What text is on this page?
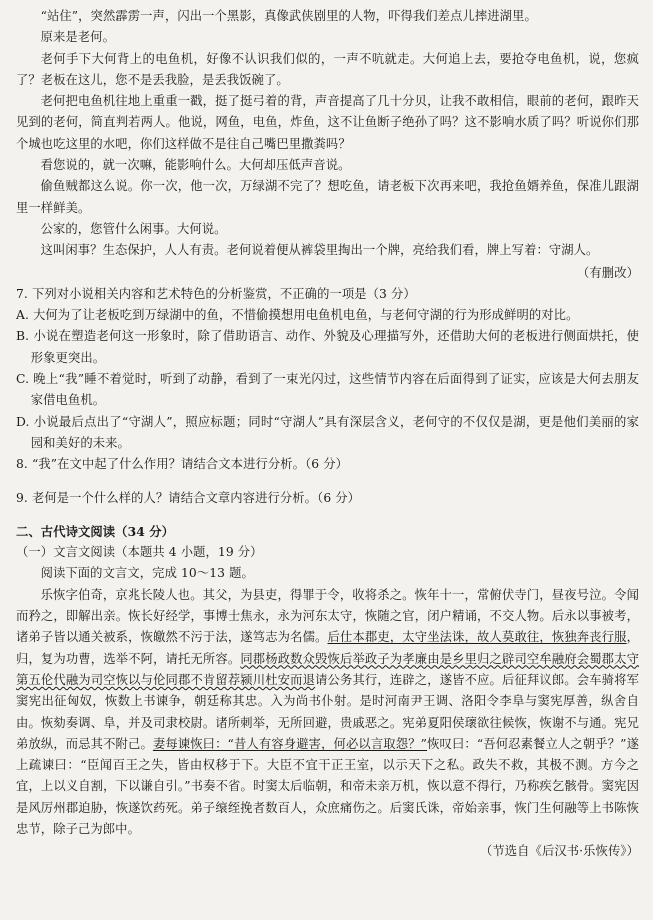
“站住”，突然霹雳一声，闪出一个黑影，真像武侠剧里的人物，吓得我们差点儿摔进湖里。

原来是老何。

老何手下大何背上的电鱼机，好像不认识我们似的，一声不吭就走。大何追上去，要抢夺电鱼机，说，您疯了？老板在这儿，您不是丢我脸，是丢我饭碗了。

老何把电鱼机往地上重重一戳，挺了挺弓着的背，声音提高了几十分贝，让我不敢相信，眼前的老何，跟昨天见到的老何，简直判若两人。他说，网鱼，电鱼，炸鱼，这不让鱼断子绝孙了吗？这不影响水质了吗？听说你们那个城也吃这里的水吧，你们这样做不是往自己嘴巴里撒粪吗？

看您说的，就一次嘛，能影响什么。大何却压低声音说。

偷鱼贼都这么说。你一次，他一次，万绿湖不完了？想吃鱼，请老板下次再来吧，我抢鱼婿养鱼，保准儿跟湖里一样鲜美。

公家的，您管什么闲事。大何说。

这叫闲事？生态保护，人人有责。老何说着便从裤袋里掏出一个牌，亮给我们看，牌上写着：守湖人。

（有删改）

7. 下列对小说相关内容和艺术特色的分析鉴赏，不正确的一项是（3 分）

A. 大何为了让老板吃到万绿湖中的鱼，不惜偷摸想用电鱼机电鱼，与老何守湖的行为形成鲜明的对比。

B. 小说在塑造老何这一形象时，除了借助语言、动作、外貌及心理描写外，还借助大何的老板进行侧面烘托，使形象更突出。

C. 晚上“我”睡不着觉时，听到了动静，看到了一束光闪过，这些情节内容在后面得到了证实，应该是大何去朋友家借电鱼机。

D. 小说最后点出了“守湖人”，照应标题；同时“守湖人”具有深层含义，老何守的不仅仅是湖，更是他们美丽的家园和美好的未来。

8. “我”在文中起了什么作用？请结合文本进行分析。（6 分）

9. 老何是一个什么样的人？请结合文章内容进行分析。（6 分）

二、古代诗文阅读（34 分）

（一）文言文阅读（本题共 4 小题，19 分）

阅读下面的文言文，完成 10～13 题。

乐恢字伯奇，京兆长陵人也。其父，为县吏，得罪于令，收将杀之。恢年十一，常俯伏寺门，昼夜号泣。令闻而矜之，即解出亲。恢长好经学，事博士焦永，永为河东太守，恢随之官，闭户精诵，不交人物。后永以事被考，诸弟子皆以通关被系，恢皦然不污于法，遂笃志为名儒。后仕本郡吏，太守坐法诛，故人莫敢往，恢独奔丧行服，归，复为功曹，选举不阿，请托无所容。同郡杨政数众毁恢后举政子为孝廉由是乡里归之辟司空牟融府会蜀郡太守第五伦代融为司空恢以与伦同郡不肯留荐颍川杜安而退请公务其行，连辟之，遂皆不应。后征拜议郎。会车骑将军窦宪出征匈奴，恢数上书谏争，朝廷称其忠。入为尚书仆射。是时河南尹王调、洛阳令李阜与窦宪厚善，纵舍自由。恢劾奏调、阜，并及司隶校尉。诸所刺举，无所回避，贵戚恶之。宪弟夏阳侯瓌欲往候恢，恢谢不与通。宪兄弟放纵，而忌其不附己。妻每谏恢曰：“昔人有容身避害，何必以言取怨？”恢叹曰：“吾何忍素餐立人之朝乎？”遂上疏谏曰：“臣闻百王之失，皆由权移于下。大臣不宜干正王室，以示天下之私。政失不救，其极不测。方今之宜，上以义自割，下以谦自引。”书奏不省。时窦太后临朝，和帝未亲万机，恢以意不得行，乃称疾乞骸骨。窦宪因是风厉州郡迫胁，恢遂饮药死。弟子缞绖挽者数百人，众庶痛伤之。后窦氏诛，帝始亲事，恢门生何融等上书陈恢忠节，除子己为郎中。

（节选自《后汉书·乐恢传》）
